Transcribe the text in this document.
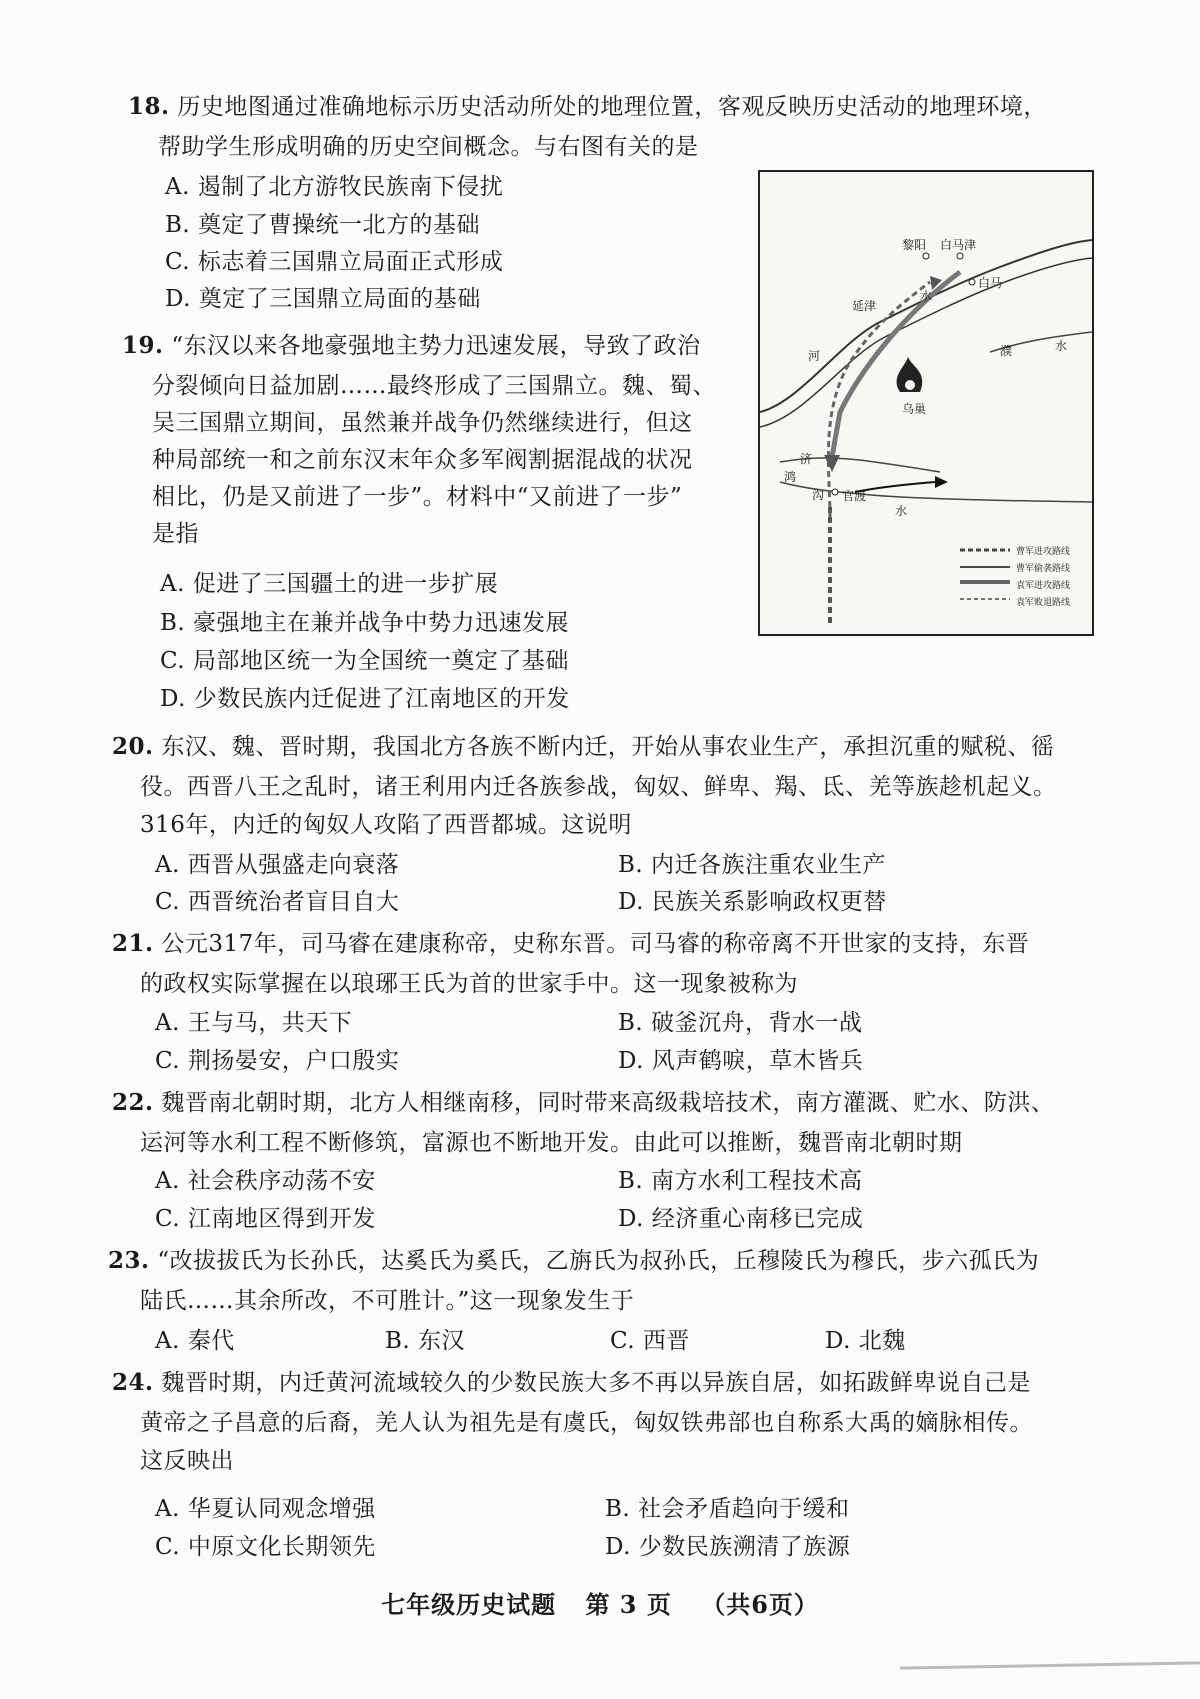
18. 历史地图通过准确地标示历史活动所处的地理位置，客观反映历史活动的地理环境，
帮助学生形成明确的历史空间概念。与右图有关的是
A. 遏制了北方游牧民族南下侵扰
B. 奠定了曹操统一北方的基础
C. 标志着三国鼎立局面正式形成
D. 奠定了三国鼎立局面的基础
19. “东汉以来各地豪强地主势力迅速发展，导致了政治
分裂倾向日益加剧……最终形成了三国鼎立。魏、蜀、
吴三国鼎立期间，虽然兼并战争仍然继续进行，但这
种局部统一和之前东汉末年众多军阀割据混战的状况
相比，仍是又前进了一步”。材料中“又前进了一步”
是指
A. 促进了三国疆土的进一步扩展
B. 豪强地主在兼并战争中势力迅速发展
C. 局部地区统一为全国统一奠定了基础
D. 少数民族内迁促进了江南地区的开发
20. 东汉、魏、晋时期，我国北方各族不断内迁，开始从事农业生产，承担沉重的赋税、徭
役。西晋八王之乱时，诸王利用内迁各族参战，匈奴、鲜卑、羯、氐、羌等族趁机起义。
316年，内迁的匈奴人攻陷了西晋都城。这说明
A. 西晋从强盛走向衰落	B. 内迁各族注重农业生产
C. 西晋统治者盲目自大	D. 民族关系影响政权更替
21. 公元317年，司马睿在建康称帝，史称东晋。司马睿的称帝离不开世家的支持，东晋
的政权实际掌握在以琅琊王氏为首的世家手中。这一现象被称为
A. 王与马，共天下	B. 破釜沉舟，背水一战
C. 荆扬晏安，户口殷实	D. 风声鹤唳，草木皆兵
22. 魏晋南北朝时期，北方人相继南移，同时带来高级栽培技术，南方灌溉、贮水、防洪、
运河等水利工程不断修筑，富源也不断地开发。由此可以推断，魏晋南北朝时期
A. 社会秩序动荡不安	B. 南方水利工程技术高
C. 江南地区得到开发	D. 经济重心南移已完成
23. “改拔拔氏为长孙氏，达奚氏为奚氏，乙旃氏为叔孙氏，丘穆陵氏为穆氏，步六孤氏为
陆氏……其余所改，不可胜计。”这一现象发生于
A. 秦代	B. 东汉	C. 西晋	D. 北魏
24. 魏晋时期，内迁黄河流域较久的少数民族大多不再以异族自居，如拓跋鲜卑说自己是
黄帝之子昌意的后裔，羌人认为祖先是有虞氏，匈奴铁弗部也自称系大禹的嫡脉相传。
这反映出
A. 华夏认同观念增强	B. 社会矛盾趋向于缓和
C. 中原文化长期领先	D. 少数民族溯清了族源
黎阳 白马津
白马
延津
乌巢
官渡
河
水
濮	水
济
鸿
沟
水
曹军进攻路线
曹军偷袭路线
袁军进攻路线
袁军败退路线
七年级历史试题 第 3 页 （共6页）
